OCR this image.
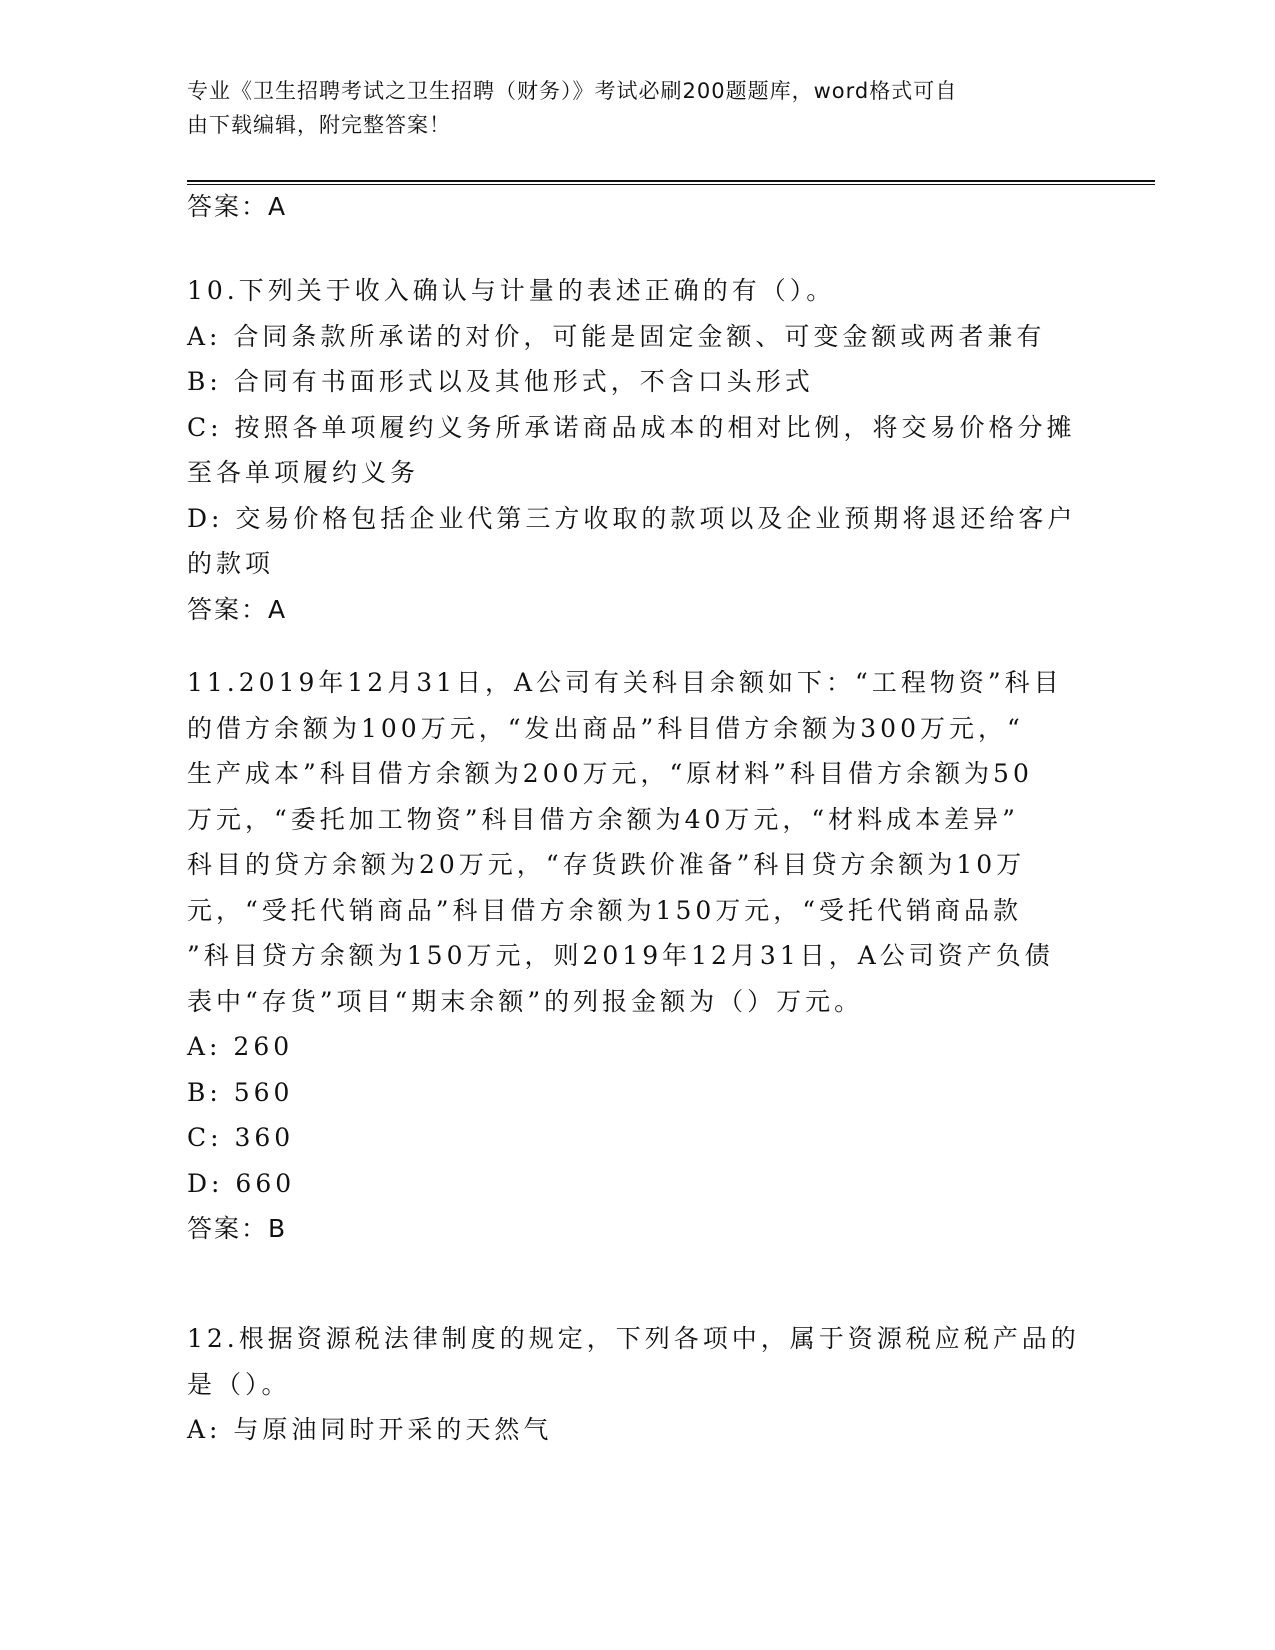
专业《卫生招聘考试之卫生招聘（财务）》考试必刷200题题库，word格式可自
由下载编辑，附完整答案！
答案：A
10.下列关于收入确认与计量的表述正确的有（）。
A: 合同条款所承诺的对价，可能是固定金额、可变金额或两者兼有
B: 合同有书面形式以及其他形式，不含口头形式
C: 按照各单项履约义务所承诺商品成本的相对比例，将交易价格分摊
至各单项履约义务
D: 交易价格包括企业代第三方收取的款项以及企业预期将退还给客户
的款项
答案：A
11.2019年12月31日，A公司有关科目余额如下：“工程物资”科目
的借方余额为100万元，“发出商品”科目借方余额为300万元，“
生产成本”科目借方余额为200万元，“原材料”科目借方余额为50
万元，“委托加工物资”科目借方余额为40万元，“材料成本差异”
科目的贷方余额为20万元，“存货跌价准备”科目贷方余额为10万
元，“受托代销商品”科目借方余额为150万元，“受托代销商品款
”科目贷方余额为150万元，则2019年12月31日，A公司资产负债
表中“存货”项目“期末余额”的列报金额为（）万元。
A: 260
B: 560
C: 360
D: 660
答案：B
12.根据资源税法律制度的规定，下列各项中，属于资源税应税产品的
是（）。
A: 与原油同时开采的天然气
